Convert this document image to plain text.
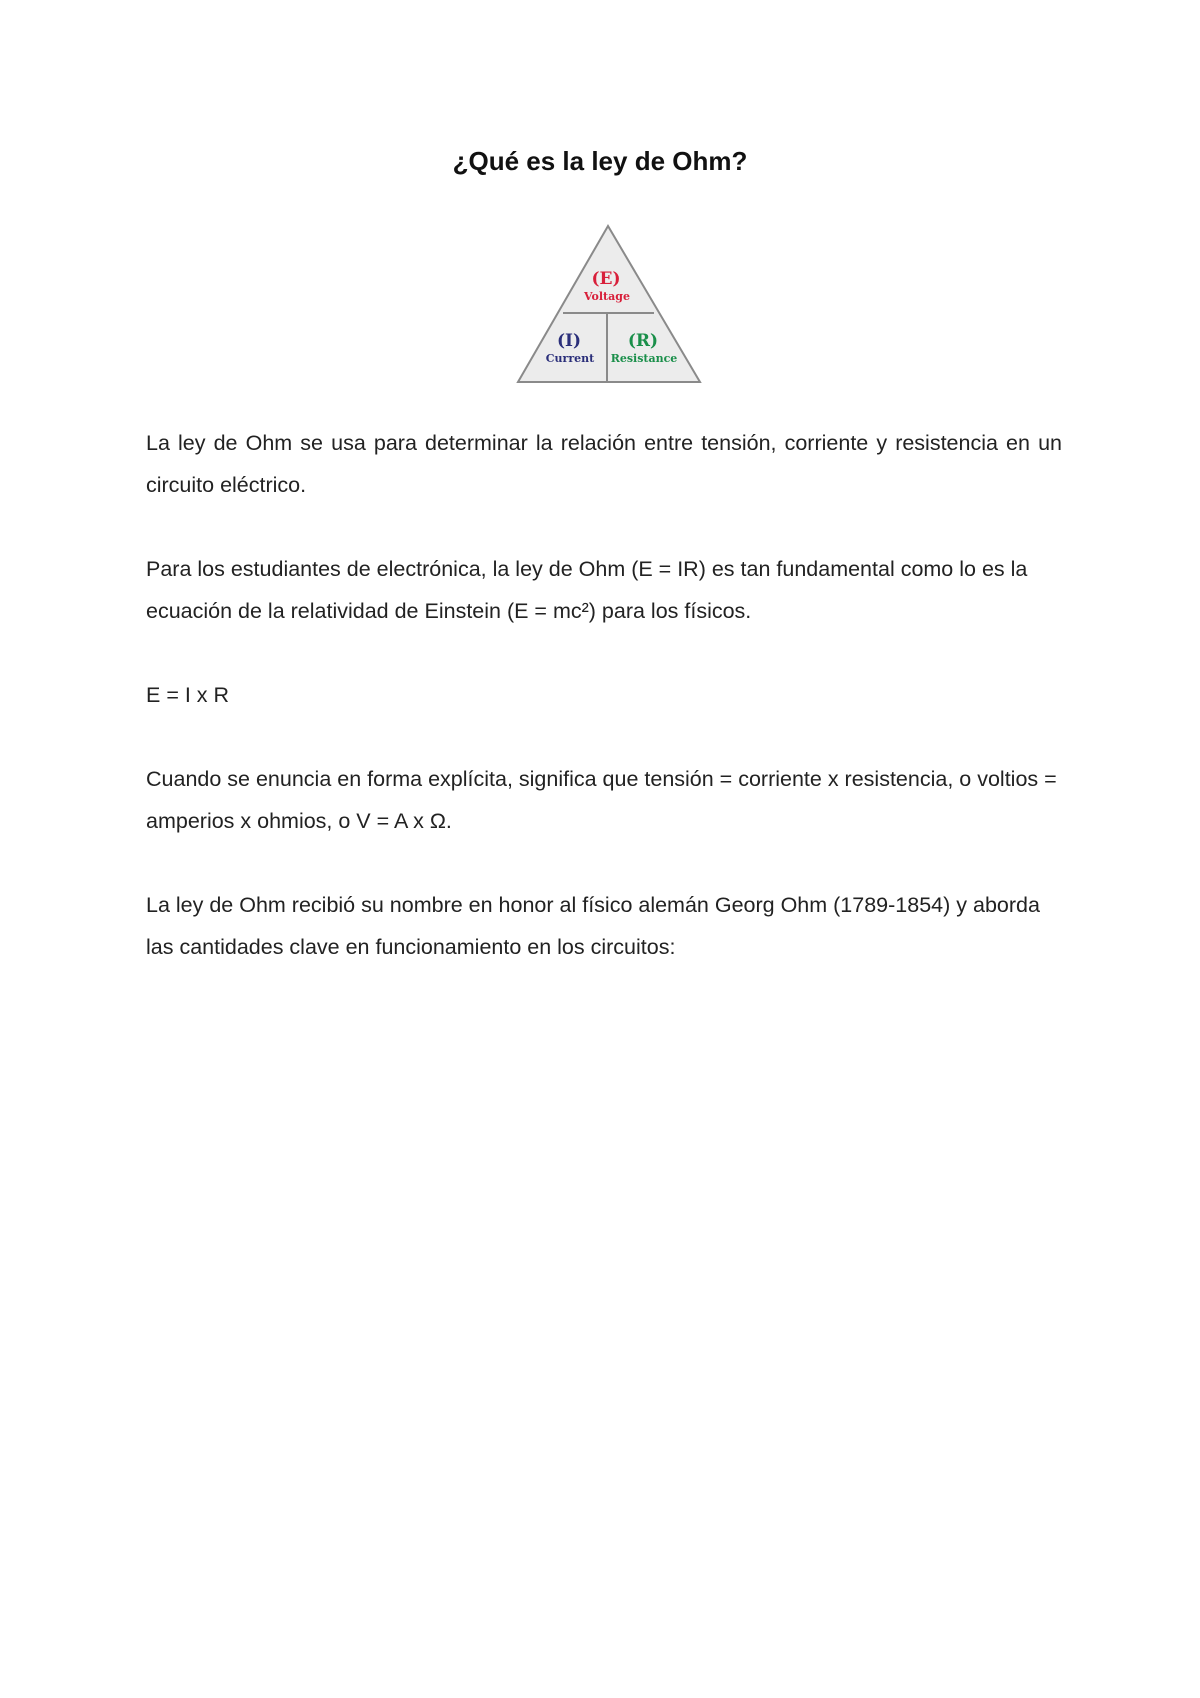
¿Qué es la ley de Ohm?
(E)
Voltage
(I)
Current
(R)
Resistance

La ley de Ohm se usa para determinar la relación entre tensión, corriente y resistencia en un circuito eléctrico.

Para los estudiantes de electrónica, la ley de Ohm (E = IR) es tan fundamental como lo es la ecuación de la relatividad de Einstein (E = mc²) para los físicos.

E = I x R

Cuando se enuncia en forma explícita, significa que tensión = corriente x resistencia, o voltios = amperios x ohmios, o V = A x Ω.

La ley de Ohm recibió su nombre en honor al físico alemán Georg Ohm (1789-1854) y aborda las cantidades clave en funcionamiento en los circuitos:
